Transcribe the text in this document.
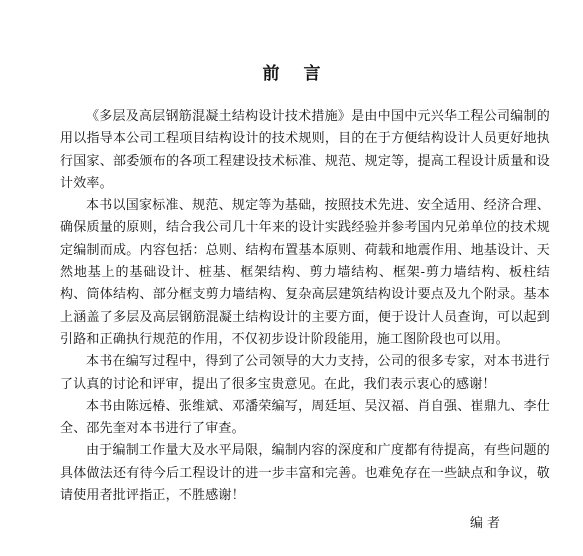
前言

《多层及高层钢筋混凝土结构设计技术措施》是由中国中元兴华工程公司编制的用以指导本公司工程项目结构设计的技术规则，目的在于方便结构设计人员更好地执行国家、部委颁布的各项工程建设技术标准、规范、规定等，提高工程设计质量和设计效率。

本书以国家标准、规范、规定等为基础，按照技术先进、安全适用、经济合理、确保质量的原则，结合我公司几十年来的设计实践经验并参考国内兄弟单位的技术规定编制而成。内容包括：总则、结构布置基本原则、荷载和地震作用、地基设计、天然地基上的基础设计、桩基、框架结构、剪力墙结构、框架-剪力墙结构、板柱结构、筒体结构、部分框支剪力墙结构、复杂高层建筑结构设计要点及九个附录。基本上涵盖了多层及高层钢筋混凝土结构设计的主要方面，便于设计人员查询，可以起到引路和正确执行规范的作用，不仅初步设计阶段能用，施工图阶段也可以用。

本书在编写过程中，得到了公司领导的大力支持，公司的很多专家，对本书进行了认真的讨论和评审，提出了很多宝贵意见。在此，我们表示衷心的感谢！

本书由陈远椿、张维斌、邓潘荣编写，周廷垣、吴汉福、肖自强、崔鼎九、李仕全、邵先奎对本书进行了审查。

由于编制工作量大及水平局限，编制内容的深度和广度都有待提高，有些问题的具体做法还有待今后工程设计的进一步丰富和完善。也难免存在一些缺点和争议，敬请使用者批评指正，不胜感谢！

编者
